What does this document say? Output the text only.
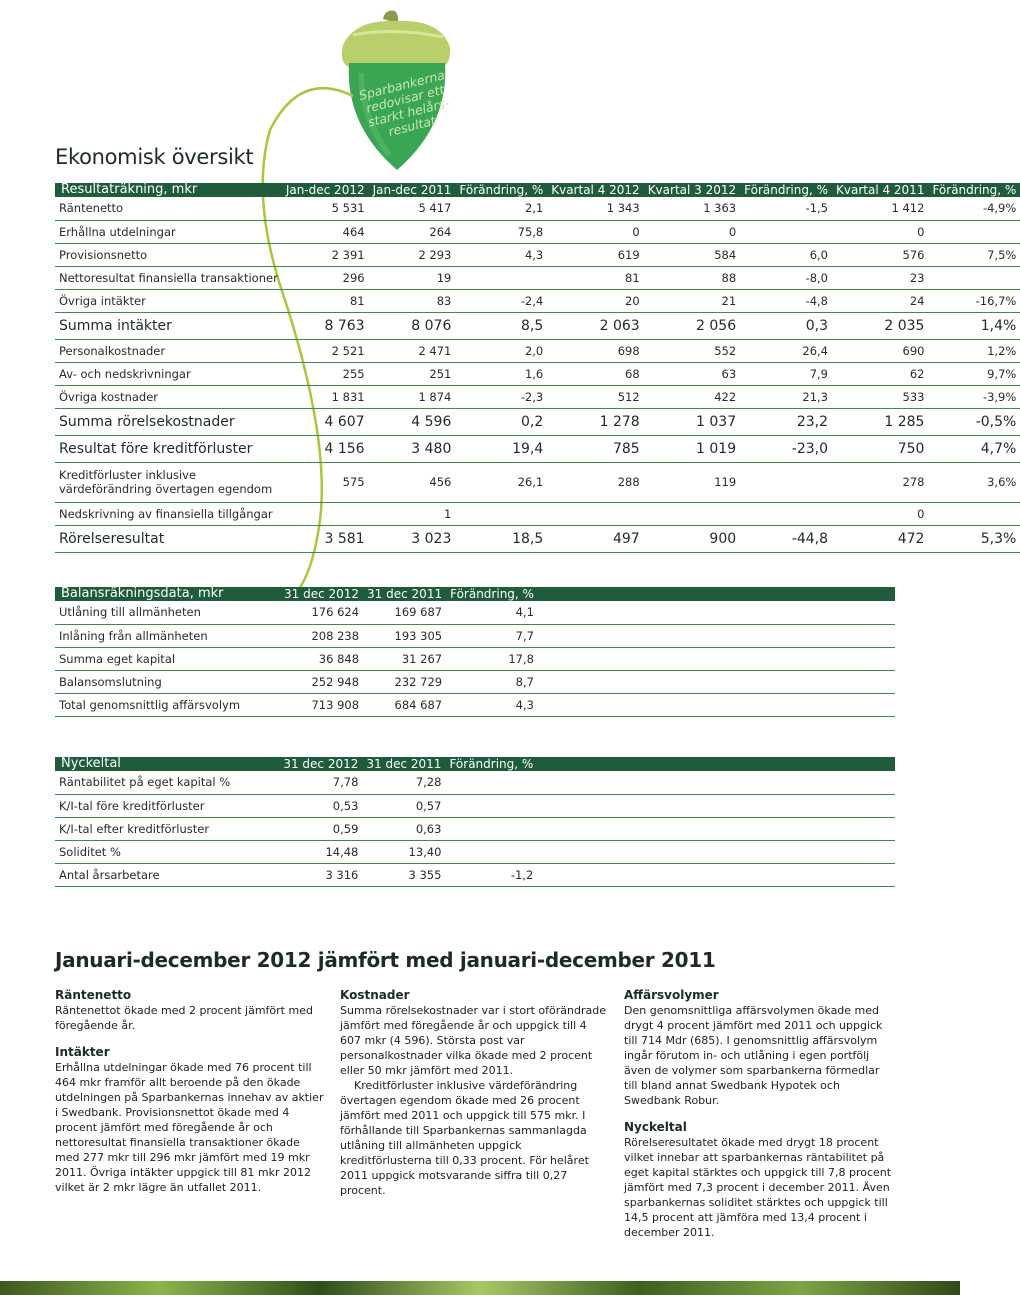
Ekonomisk översikt
Sparbankerna redovisar ett starkt helårs-resultat
Resultaträkning, mkr	Jan-dec 2012	Jan-dec 2011	Förändring, %	Kvartal 4 2012	Kvartal 3 2012	Förändring, %	Kvartal 4 2011	Förändring, %
Räntenetto	5 531	5 417	2,1	1 343	1 363	-1,5	1 412	-4,9%
Erhållna utdelningar	464	264	75,8	0	0		0	
Provisionsnetto	2 391	2 293	4,3	619	584	6,0	576	7,5%
Nettoresultat finansiella transaktioner	296	19		81	88	-8,0	23	
Övriga intäkter	81	83	-2,4	20	21	-4,8	24	-16,7%
Summa intäkter	8 763	8 076	8,5	2 063	2 056	0,3	2 035	1,4%
Personalkostnader	2 521	2 471	2,0	698	552	26,4	690	1,2%
Av- och nedskrivningar	255	251	1,6	68	63	7,9	62	9,7%
Övriga kostnader	1 831	1 874	-2,3	512	422	21,3	533	-3,9%
Summa rörelsekostnader	4 607	4 596	0,2	1 278	1 037	23,2	1 285	-0,5%
Resultat före kreditförluster	4 156	3 480	19,4	785	1 019	-23,0	750	4,7%
Kreditförluster inklusive värdeförändring övertagen egendom	575	456	26,1	288	119		278	3,6%
Nedskrivning av finansiella tillgångar		1					0	
Rörelseresultat	3 581	3 023	18,5	497	900	-44,8	472	5,3%
Balansräkningsdata, mkr	31 dec 2012	31 dec 2011	Förändring, %	
Utlåning till allmänheten	176 624	169 687	4,1	
Inlåning från allmänheten	208 238	193 305	7,7	
Summa eget kapital	36 848	31 267	17,8	
Balansomslutning	252 948	232 729	8,7	
Total genomsnittlig affärsvolym	713 908	684 687	4,3	
Nyckeltal	31 dec 2012	31 dec 2011	Förändring, %	
Räntabilitet på eget kapital %	7,78	7,28		
K/I-tal före kreditförluster	0,53	0,57		
K/I-tal efter kreditförluster	0,59	0,63		
Soliditet %	14,48	13,40		
Antal årsarbetare	3 316	3 355	-1,2	
Januari-december 2012 jämfört med januari-december 2011
Räntenetto

Räntenettot ökade med 2 procent jämfört med föregående år.

Intäkter

Erhållna utdelningar ökade med 76 procent till 464 mkr framför allt beroende på den ökade utdelningen på Sparbankernas innehav av aktier i Swedbank. Provisionsnettot ökade med 4 procent jämfört med föregående år och nettoresultat finansiella transaktioner ökade med 277 mkr till 296 mkr jämfört med 19 mkr 2011. Övriga intäkter uppgick till 81 mkr 2012 vilket är 2 mkr lägre än utfallet 2011.

Kostnader

Summa rörelsekostnader var i stort oförändrade jämfört med föregående år och uppgick till 4 607 mkr (4 596). Största post var personalkostnader vilka ökade med 2 procent eller 50 mkr jämfört med 2011.

Kreditförluster inklusive värdeförändring övertagen egendom ökade med 26 procent jämfört med 2011 och uppgick till 575 mkr. I förhållande till Sparbankernas sammanlagda utlåning till allmänheten uppgick kreditförlusterna till 0,33 procent. För helåret 2011 uppgick motsvarande siffra till 0,27 procent.

Affärsvolymer

Den genomsnittliga affärsvolymen ökade med drygt 4 procent jämfört med 2011 och uppgick till 714 Mdr (685). I genomsnittlig affärsvolym ingår förutom in- och utlåning i egen portfölj även de volymer som sparbankerna förmedlar till bland annat Swedbank Hypotek och Swedbank Robur.

Nyckeltal

Rörelseresultatet ökade med drygt 18 procent vilket innebar att sparbankernas räntabilitet på eget kapital stärktes och uppgick till 7,8 procent jämfört med 7,3 procent i december 2011. Även sparbankernas soliditet stärktes och uppgick till 14,5 procent att jämföra med 13,4 procent i december 2011.
